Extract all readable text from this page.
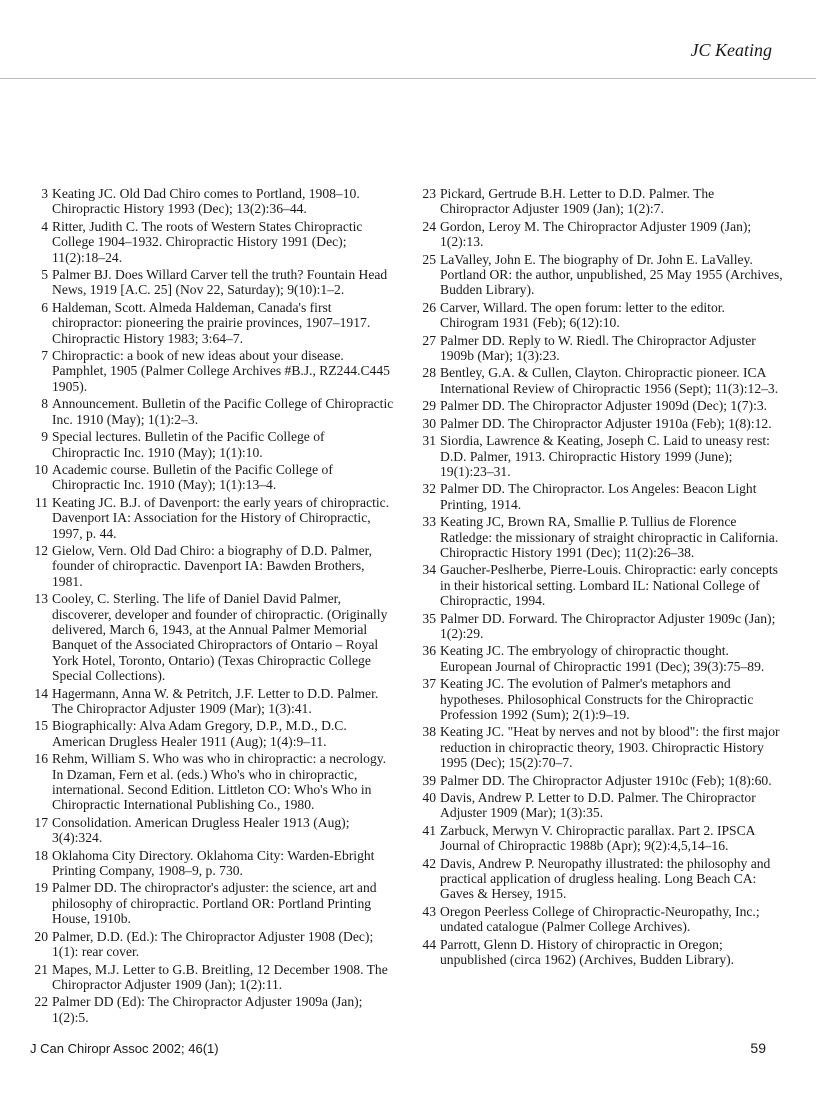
JC Keating
3 Keating JC. Old Dad Chiro comes to Portland, 1908–10. Chiropractic History 1993 (Dec); 13(2):36–44.
4 Ritter, Judith C. The roots of Western States Chiropractic College 1904–1932. Chiropractic History 1991 (Dec); 11(2):18–24.
5 Palmer BJ. Does Willard Carver tell the truth? Fountain Head News, 1919 [A.C. 25] (Nov 22, Saturday); 9(10):1–2.
6 Haldeman, Scott. Almeda Haldeman, Canada's first chiropractor: pioneering the prairie provinces, 1907–1917. Chiropractic History 1983; 3:64–7.
7 Chiropractic: a book of new ideas about your disease. Pamphlet, 1905 (Palmer College Archives #B.J., RZ244.C445 1905).
8 Announcement. Bulletin of the Pacific College of Chiropractic Inc. 1910 (May); 1(1):2–3.
9 Special lectures. Bulletin of the Pacific College of Chiropractic Inc. 1910 (May); 1(1):10.
10 Academic course. Bulletin of the Pacific College of Chiropractic Inc. 1910 (May); 1(1):13–4.
11 Keating JC. B.J. of Davenport: the early years of chiropractic. Davenport IA: Association for the History of Chiropractic, 1997, p. 44.
12 Gielow, Vern. Old Dad Chiro: a biography of D.D. Palmer, founder of chiropractic. Davenport IA: Bawden Brothers, 1981.
13 Cooley, C. Sterling. The life of Daniel David Palmer, discoverer, developer and founder of chiropractic. (Originally delivered, March 6, 1943, at the Annual Palmer Memorial Banquet of the Associated Chiropractors of Ontario – Royal York Hotel, Toronto, Ontario) (Texas Chiropractic College Special Collections).
14 Hagermann, Anna W. & Petritch, J.F. Letter to D.D. Palmer. The Chiropractor Adjuster 1909 (Mar); 1(3):41.
15 Biographically: Alva Adam Gregory, D.P., M.D., D.C. American Drugless Healer 1911 (Aug); 1(4):9–11.
16 Rehm, William S. Who was who in chiropractic: a necrology. In Dzaman, Fern et al. (eds.) Who's who in chiropractic, international. Second Edition. Littleton CO: Who's Who in Chiropractic International Publishing Co., 1980.
17 Consolidation. American Drugless Healer 1913 (Aug); 3(4):324.
18 Oklahoma City Directory. Oklahoma City: Warden-Ebright Printing Company, 1908–9, p. 730.
19 Palmer DD. The chiropractor's adjuster: the science, art and philosophy of chiropractic. Portland OR: Portland Printing House, 1910b.
20 Palmer, D.D. (Ed.): The Chiropractor Adjuster 1908 (Dec); 1(1): rear cover.
21 Mapes, M.J. Letter to G.B. Breitling, 12 December 1908. The Chiropractor Adjuster 1909 (Jan); 1(2):11.
22 Palmer DD (Ed): The Chiropractor Adjuster 1909a (Jan); 1(2):5.
23 Pickard, Gertrude B.H. Letter to D.D. Palmer. The Chiropractor Adjuster 1909 (Jan); 1(2):7.
24 Gordon, Leroy M. The Chiropractor Adjuster 1909 (Jan); 1(2):13.
25 LaValley, John E. The biography of Dr. John E. LaValley. Portland OR: the author, unpublished, 25 May 1955 (Archives, Budden Library).
26 Carver, Willard. The open forum: letter to the editor. Chirogram 1931 (Feb); 6(12):10.
27 Palmer DD. Reply to W. Riedl. The Chiropractor Adjuster 1909b (Mar); 1(3):23.
28 Bentley, G.A. & Cullen, Clayton. Chiropractic pioneer. ICA International Review of Chiropractic 1956 (Sept); 11(3):12–3.
29 Palmer DD. The Chiropractor Adjuster 1909d (Dec); 1(7):3.
30 Palmer DD. The Chiropractor Adjuster 1910a (Feb); 1(8):12.
31 Siordia, Lawrence & Keating, Joseph C. Laid to uneasy rest: D.D. Palmer, 1913. Chiropractic History 1999 (June); 19(1):23–31.
32 Palmer DD. The Chiropractor. Los Angeles: Beacon Light Printing, 1914.
33 Keating JC, Brown RA, Smallie P. Tullius de Florence Ratledge: the missionary of straight chiropractic in California. Chiropractic History 1991 (Dec); 11(2):26–38.
34 Gaucher-Peslherbe, Pierre-Louis. Chiropractic: early concepts in their historical setting. Lombard IL: National College of Chiropractic, 1994.
35 Palmer DD. Forward. The Chiropractor Adjuster 1909c (Jan); 1(2):29.
36 Keating JC. The embryology of chiropractic thought. European Journal of Chiropractic 1991 (Dec); 39(3):75–89.
37 Keating JC. The evolution of Palmer's metaphors and hypotheses. Philosophical Constructs for the Chiropractic Profession 1992 (Sum); 2(1):9–19.
38 Keating JC. "Heat by nerves and not by blood": the first major reduction in chiropractic theory, 1903. Chiropractic History 1995 (Dec); 15(2):70–7.
39 Palmer DD. The Chiropractor Adjuster 1910c (Feb); 1(8):60.
40 Davis, Andrew P. Letter to D.D. Palmer. The Chiropractor Adjuster 1909 (Mar); 1(3):35.
41 Zarbuck, Merwyn V. Chiropractic parallax. Part 2. IPSCA Journal of Chiropractic 1988b (Apr); 9(2):4,5,14–16.
42 Davis, Andrew P. Neuropathy illustrated: the philosophy and practical application of drugless healing. Long Beach CA: Gaves & Hersey, 1915.
43 Oregon Peerless College of Chiropractic-Neuropathy, Inc.; undated catalogue (Palmer College Archives).
44 Parrott, Glenn D. History of chiropractic in Oregon; unpublished (circa 1962) (Archives, Budden Library).
J Can Chiropr Assoc 2002; 46(1)	59
